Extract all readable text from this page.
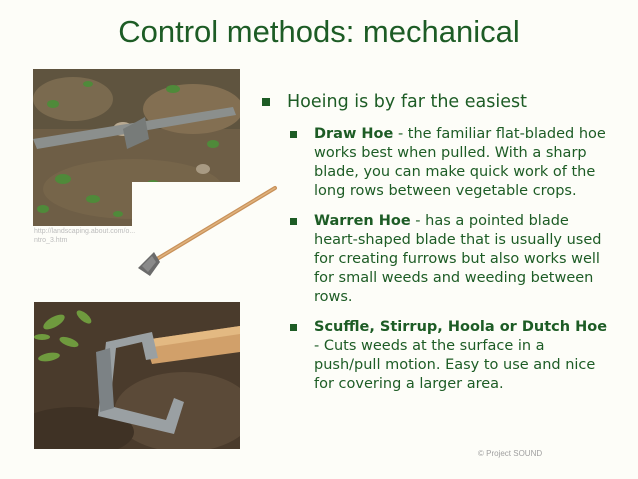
Control methods: mechanical
http://landscaping.about.com/o...ntro_3.htm
Hoeing is by far the easiest
Draw Hoe - the familiar flat-bladed hoe works best when pulled. With a sharp blade, you can make quick work of the long rows between vegetable crops.
Warren Hoe - has a pointed blade heart-shaped blade that is usually used for creating furrows but also works well for small weeds and weeding between rows.
Scuffle, Stirrup, Hoola or Dutch Hoe - Cuts weeds at the surface in a push/pull motion. Easy to use and nice for covering a larger area.
© Project SOUND
